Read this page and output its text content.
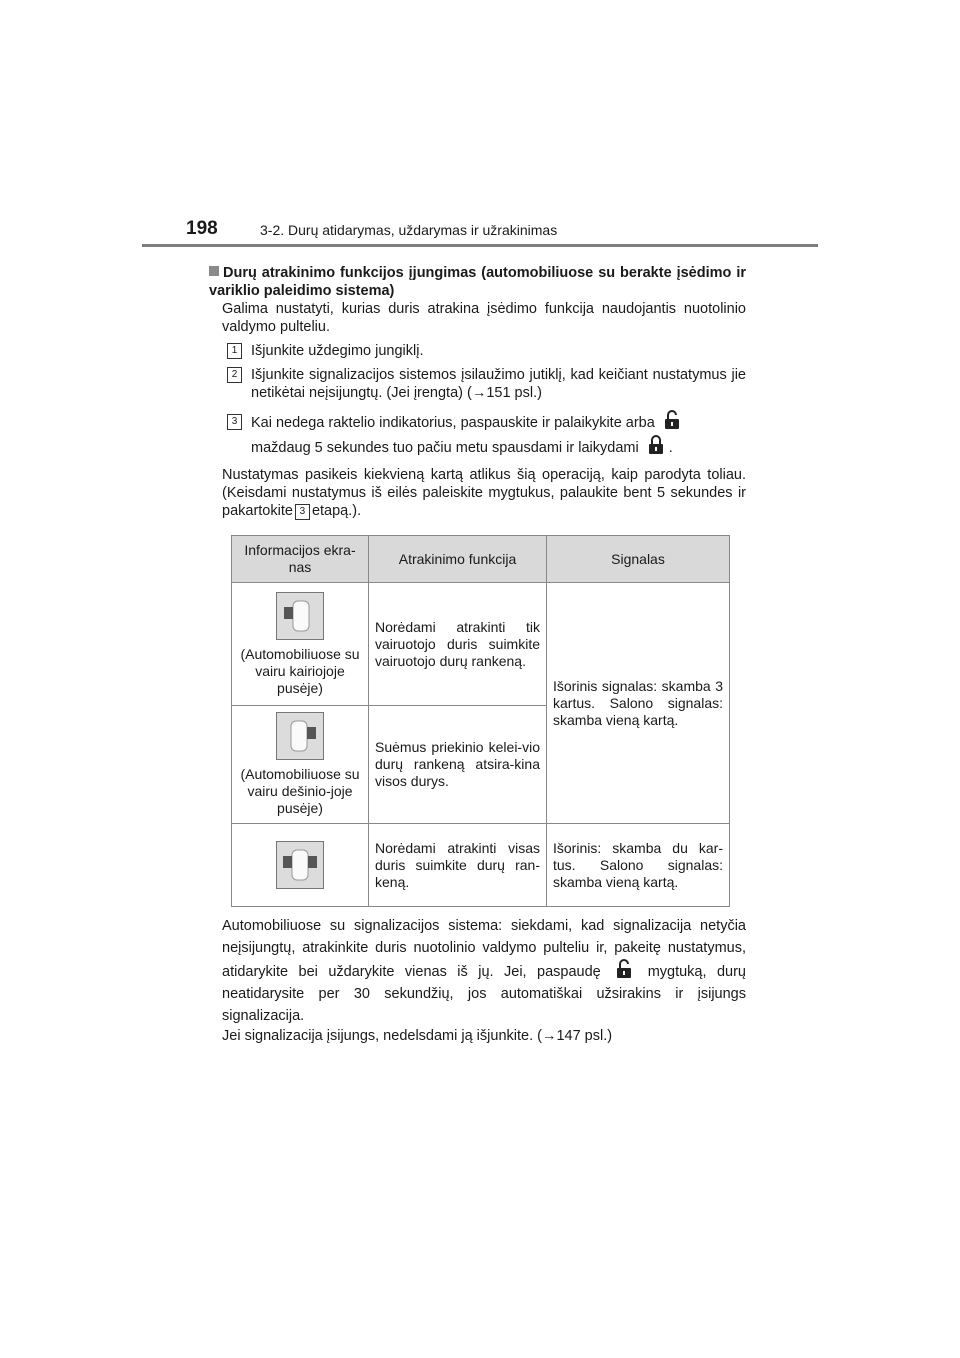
198	3-2. Durų atidarymas, uždarymas ir užrakinimas
Durų atrakinimo funkcijos įjungimas (automobiliuose su berakte įsėdimo ir variklio paleidimo sistema)
Galima nustatyti, kurias duris atrakina įsėdimo funkcija naudojantis nuotolinio valdymo pulteliu.
1 Išjunkite uždegimo jungiklį.
2 Išjunkite signalizacijos sistemos įsilaužimo jutiklį, kad keičiant nustatymus jie netikėtai neįsijungtų. (Jei įrengta) (→151 psl.)
3 Kai nedega raktelio indikatorius, paspauskite ir palaikykite arba
maždaug 5 sekundes tuo pačiu metu spausdami ir laikydami .
Nustatymas pasikeis kiekvieną kartą atlikus šią operaciją, kaip parodyta toliau. (Keisdami nustatymus iš eilės paleiskite mygtukus, palaukite bent 5 sekundes ir pakartokite 3 etapą.).
Informacijos ekra-nas	Atrakinimo funkcija	Signalas

(Automobiliuose su vairu kairiojoje pusėje)	Norėdami atrakinti tik vairuotojo duris suimkite vairuotojo durų rankeną.	Išorinis signalas: skamba 3 kartus. Salono signalas: skamba vieną kartą.

(Automobiliuose su vairu dešinio-joje pusėje)	Suėmus priekinio kelei-vio durų rankeną atsira-kina visos durys.	

	Norėdami atrakinti visas duris suimkite durų ran-keną.	Išorinis: skamba du kar-tus. Salono signalas: skamba vieną kartą.
Automobiliuose su signalizacijos sistema: siekdami, kad signalizacija netyčia neįsijungtų, atrakinkite duris nuotolinio valdymo pulteliu ir, pakeitę nustatymus, atidarykite bei uždarykite vienas iš jų. Jei, paspaudę	mygtuką, durų neatidarysite per 30 sekundžių, jos automatiškai užsirakins ir įsijungs signalizacija.
Jei signalizacija įsijungs, nedelsdami ją išjunkite. (→147 psl.)
